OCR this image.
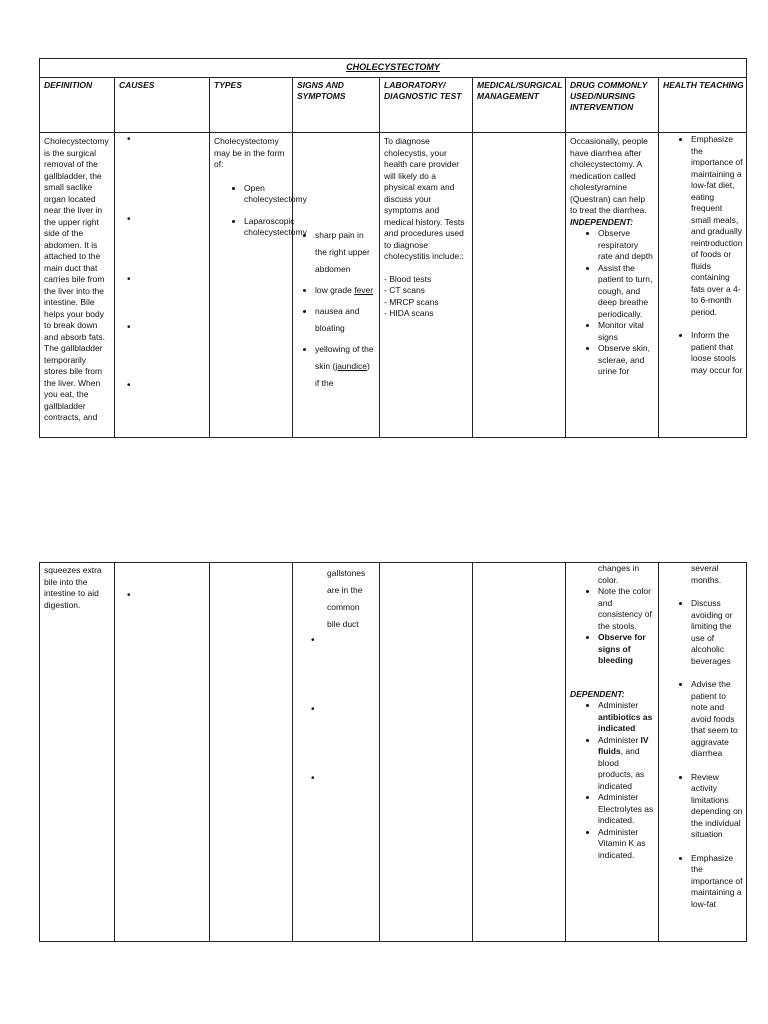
CHOLECYSTECTOMY
DEFINITION	CAUSES	TYPES	SIGNS AND SYMPTOMS
LABORATORY/ DIAGNOSTIC TEST
MEDICAL/SURGICAL MANAGEMENT
DRUG COMMONLY USED/NURSING INTERVENTION
HEALTH TEACHING
Cholecystectomy is the surgical removal of the gallbladder, the small saclike organ located near the liver in the upper right side of the abdomen. It is attached to the main duct that carries bile from the liver into the intestine. Bile helps your body to break down and absorb fats. The gallbladder temporarily stores bile from the liver. When you eat, the gallbladder contracts, and
•
•
•
•
•

Cholecystectomy may be in the form of:

• Open cholecystectomy
• Laparoscopic cholecystectomy
• sharp pain in the right upper abdomen
• low grade fever
• nausea and bloating
• yellowing of the skin (jaundice) if the

To diagnose cholecystis, your health care provider will likely do a physical exam and discuss your symptoms and medical history. Tests and procedures used to diagnose cholecystitis include::

- Blood tests

- CT scans

- MRCP scans

- HIDA scans

Occasionally, people have diarrhea after cholecystectomy. A medication called cholestyramine (Questran) can help to treat the diarrhea.

INDEPENDENT:

• Observe respiratory rate and depth
• Assist the patient to turn, cough, and deep breathe periodically.
• Monitor vital signs
• Observe skin, sclerae, and urine for
• Emphasize the importance of maintaining a low-fat diet, eating frequent small meals, and gradually reintroduction of foods or fluids containing fats over a 4- to 6-month period.
• Inform the patient that loose stools may occur for
squeezes extra bile into the intestine to aid digestion.
•
gallstones are in the common bile duct
•
•
•

changes in color.

• Note the color and consistency of the stools.
• Observe for signs of bleeding

DEPENDENT:

• Administer antibiotics as indicated
• Administer IV fluids, and blood products, as indicated
• Administer Electrolytes as indicated.
• Administer Vitamin K as indicated.

several months.

• Discuss avoiding or limiting the use of alcoholic beverages
• Advise the patient to note and avoid foods that seem to aggravate diarrhea
• Review activity limitations depending on the individual situation
• Emphasize the importance of maintaining a low-fat
